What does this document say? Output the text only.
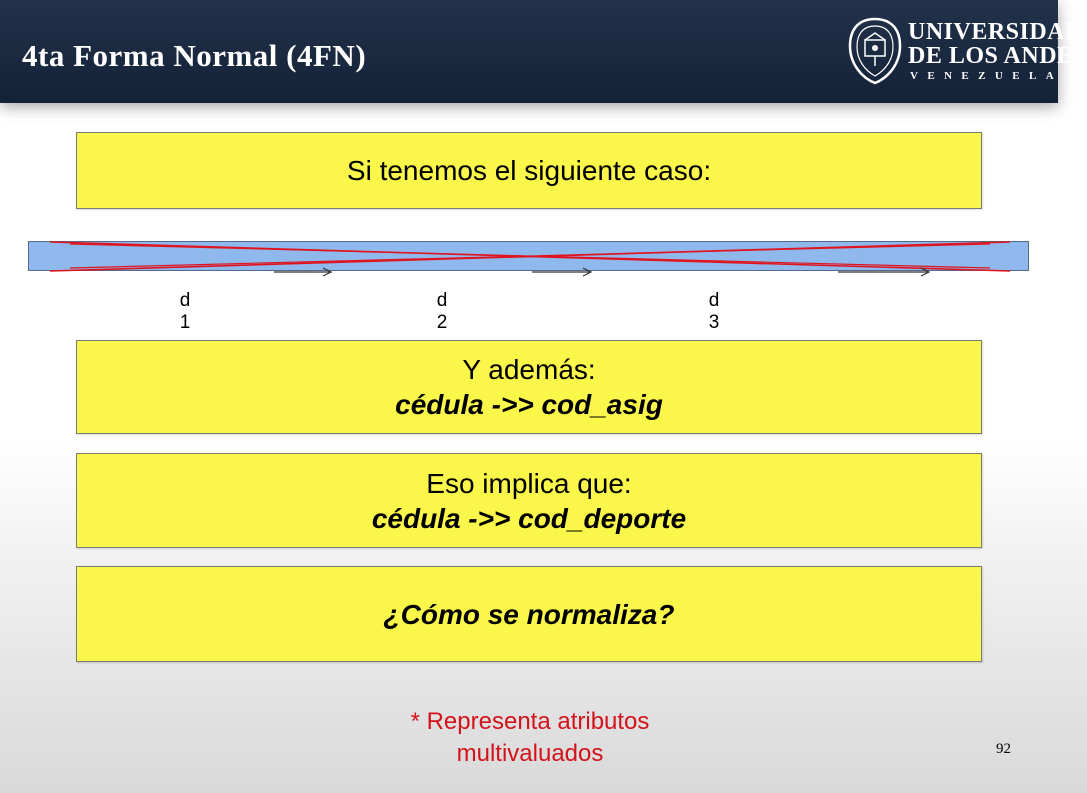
4ta Forma Normal (4FN)
UNIVERSIDAD
DE LOS ANDES
VENEZUELA
Si tenemos el siguiente caso:
d
1
d
2
d
3
Y además:
cédula ->> cod_asig
Eso implica que:
cédula ->> cod_deporte
¿Cómo se normaliza?
* Representa atributos
multivaluados	92
